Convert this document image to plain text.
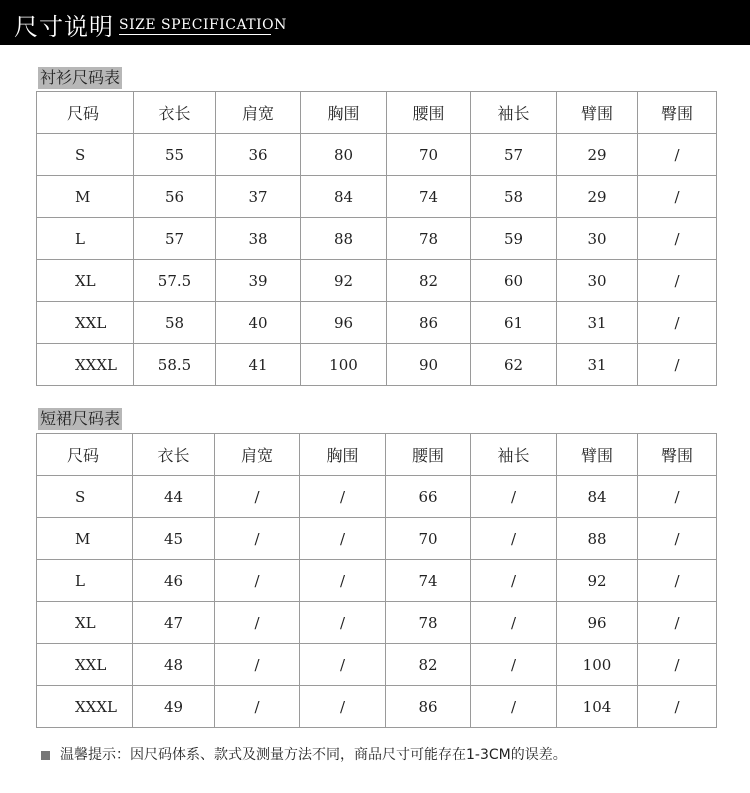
尺寸说明 SIZE SPECIFICATION
衬衫尺码表
尺码	衣长	肩宽	胸围	腰围	袖长	臂围	臀围
S	55	36	80	70	57	29	/
M	56	37	84	74	58	29	/
L	57	38	88	78	59	30	/
XL	57.5	39	92	82	60	30	/
XXL	58	40	96	86	61	31	/
XXXL	58.5	41	100	90	62	31	/
短裙尺码表
尺码	衣长	肩宽	胸围	腰围	袖长	臂围	臀围
S	44	/	/	66	/	84	/
M	45	/	/	70	/	88	/
L	46	/	/	74	/	92	/
XL	47	/	/	78	/	96	/
XXL	48	/	/	82	/	100	/
XXXL	49	/	/	86	/	104	/
温馨提示：因尺码体系、款式及测量方法不同，商品尺寸可能存在1-3CM的误差。
